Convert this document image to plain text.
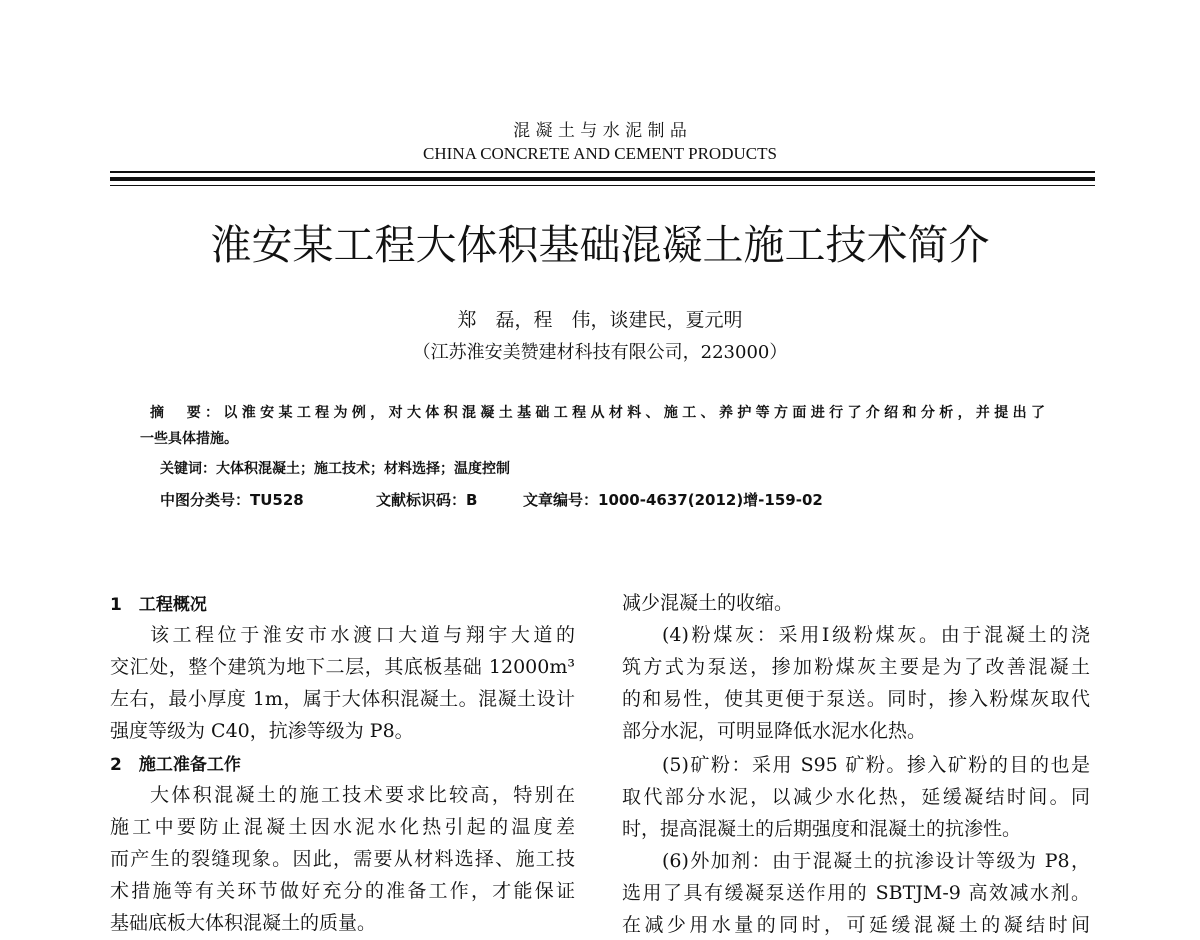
混 凝 土 与 水 泥 制 品
CHINA CONCRETE AND CEMENT PRODUCTS
淮安某工程大体积基础混凝土施工技术简介
郑　磊，程　伟，谈建民，夏元明
（江苏淮安美赞建材科技有限公司，223000）
摘　要：以淮安某工程为例，对大体积混凝土基础工程从材料、施工、养护等方面进行了介绍和分析，并提出了
一些具体措施。
关键词：大体积混凝土；施工技术；材料选择；温度控制
中图分类号：TU528	文献标识码：B	文章编号：1000-4637(2012)增-159-02
1　工程概况
该工程位于淮安市水渡口大道与翔宇大道的
交汇处，整个建筑为地下二层，其底板基础 12000m³
左右，最小厚度 1m，属于大体积混凝土。混凝土设计
强度等级为 C40，抗渗等级为 P8。
2　施工准备工作
大体积混凝土的施工技术要求比较高，特别在
施工中要防止混凝土因水泥水化热引起的温度差
而产生的裂缝现象。因此，需要从材料选择、施工技
术措施等有关环节做好充分的准备工作，才能保证
基础底板大体积混凝土的质量。
减少混凝土的收缩。
(4)粉煤灰：采用Ⅰ级粉煤灰。由于混凝土的浇
筑方式为泵送，掺加粉煤灰主要是为了改善混凝土
的和易性，使其更便于泵送。同时，掺入粉煤灰取代
部分水泥，可明显降低水泥水化热。
(5)矿粉：采用 S95 矿粉。掺入矿粉的目的也是
取代部分水泥，以减少水化热，延缓凝结时间。同
时，提高混凝土的后期强度和混凝土的抗渗性。
(6)外加剂：由于混凝土的抗渗设计等级为 P8，
选用了具有缓凝泵送作用的 SBTJM-9 高效减水剂。
在减少用水量的同时，可延缓混凝土的凝结时间
